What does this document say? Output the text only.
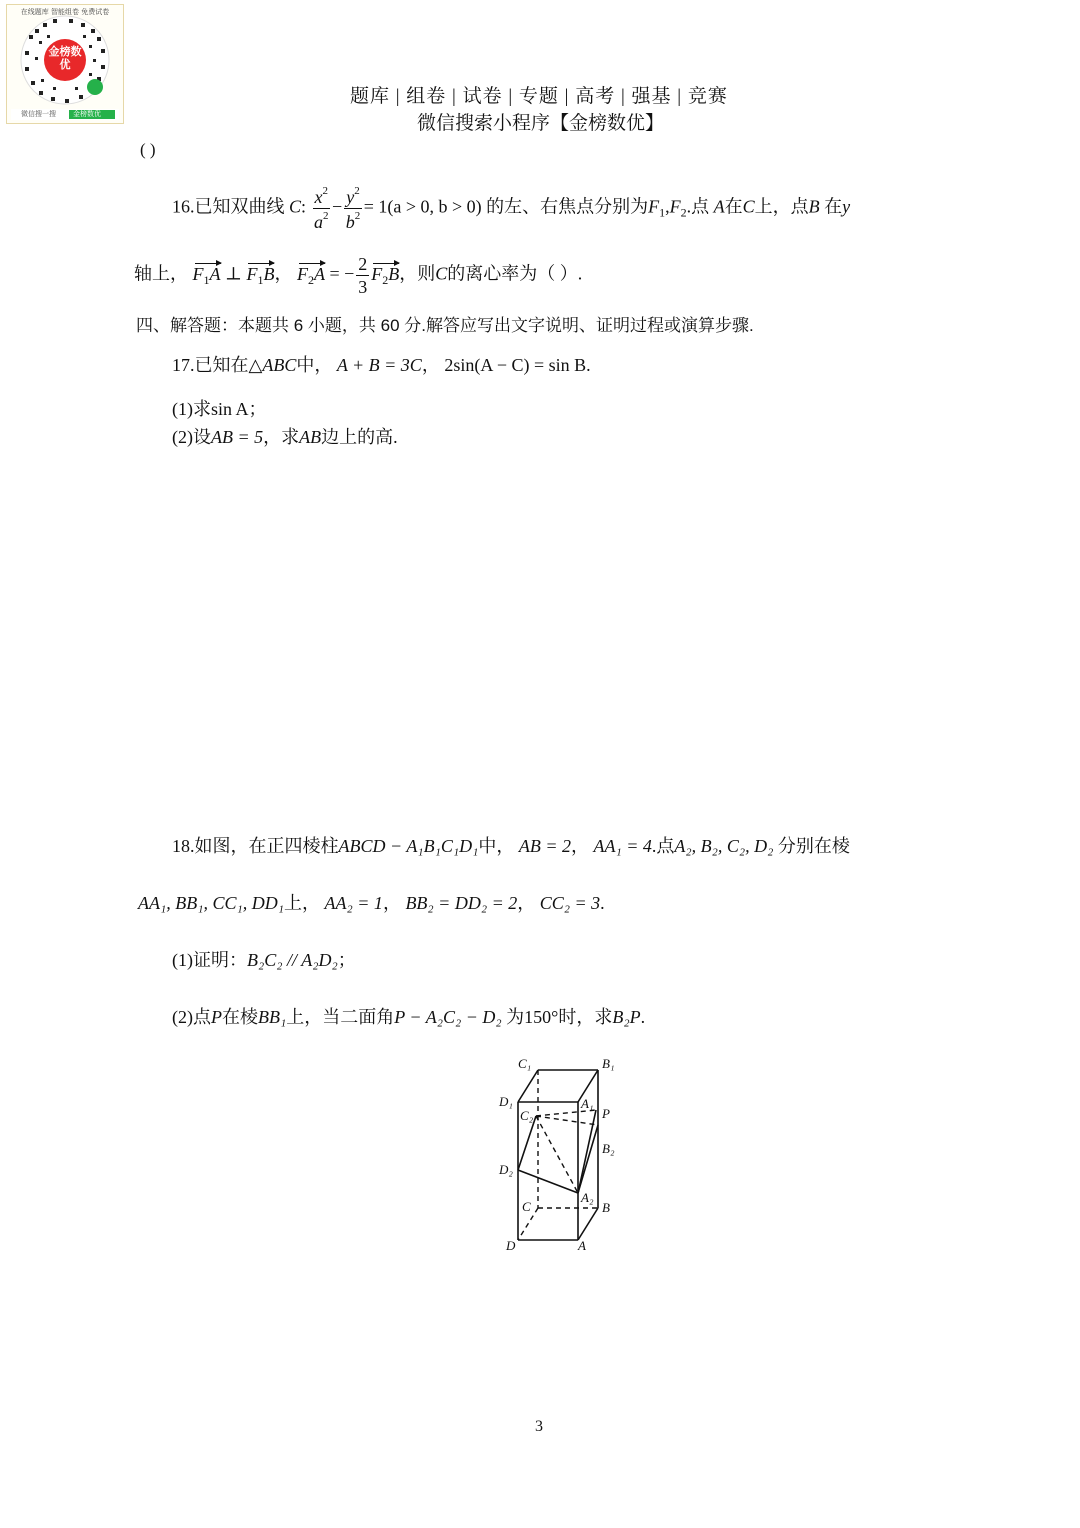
金榜数优
微信搜一搜 金榜数优
在线题库 智能组卷 免费试卷
题库 | 组卷 | 试卷 | 专题 | 高考 | 强基 | 竞赛
微信搜索小程序【金榜数优】
( )
16.已知双曲线 C: $\frac{x^2}{a^2} - \frac{y^2}{b^2} = 1(a > 0$, b > 0) 的左、右焦点分别为$F_1,F_2$.点 A在C上，点B 在y
轴上， $F_1A$ ⊥ $F_1B$， $F_2A$ = − $\frac{2}{3} F_2B$，则C的离心率为（ ）.
四、解答题：本题共 6 小题，共 60 分.解答应写出文字说明、证明过程或演算步骤.
17.已知在△ABC中， A + B = 3C， 2sin(A − C) = sin B.
(1)求sin A；
(2)设AB = 5，求AB边上的高.
18.如图，在正四棱柱ABCD − A₁B₁C₁D₁中， AB = 2， AA₁ = 4.点A₂, B₂, C₂, D₂ 分别在棱
AA₁, BB₁, CC₁, DD₁上， AA₂ = 1， BB₂ = DD₂ = 2， CC₂ = 3.
(1)证明：B₂C₂ // A₂D₂；
(2)点P在棱BB₁上，当二面角P − A₂C₂ − D₂ 为150°时，求B₂P.
C₁	B₁
D₁	A₁
P
C₂
B₂
D₂
A₂
C	B
D	A
3
